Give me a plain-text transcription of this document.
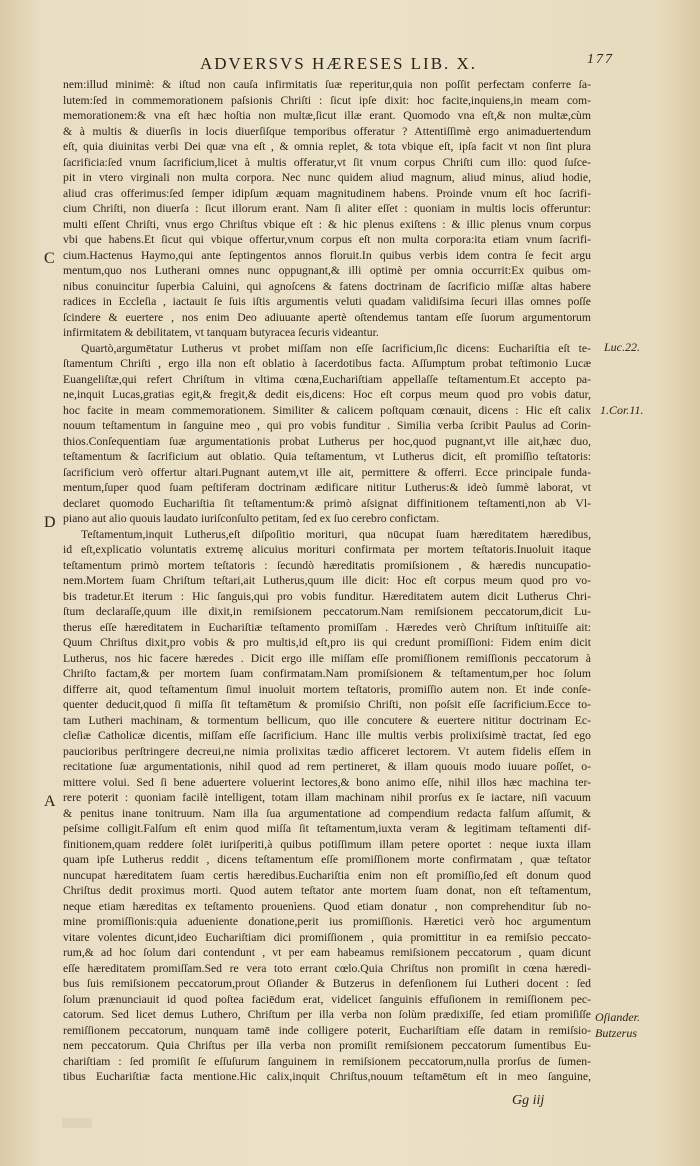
ADVERSVS HÆRESES LIB. X.	177
nem:illud minimè: & iſtud non cauſa infirmitatis ſuæ reperitur,quia non poſſit perfectam conferre ſa-
lutem:ſed in commemorationem paſsionis Chriſti : ſicut ipſe dixit: hoc facite,inquiens,in meam com-
memorationem:& vna eſt hæc hoſtia non multæ,ſicut illæ erant. Quomodo vna eſt,& non multæ,cùm
& à multis & diuerſis in locis diuerſiſque temporibus offeratur ? Attentiſſimè ergo animaduertendum
eſt, quia diuinitas verbi Dei quæ vna eſt , & omnia replet, & tota vbique eſt, ipſa facit vt non ſint plura
ſacrificia:ſed vnum ſacrificium,licet à multis offeratur,vt ſit vnum corpus Chriſti cum illo: quod ſuſce-
pit in vtero virginali non multa corpora. Nec nunc quidem aliud magnum, aliud minus, aliud hodie,
aliud cras offerimus:ſed ſemper idipſum æquam magnitudinem habens. Proinde vnum eſt hoc ſacrifi-
cium Chriſti, non diuerſa : ſicut illorum erant. Nam ſi aliter eſſet : quoniam in multis locis offeruntur:
multi eſſent Chriſti, vnus ergo Chriſtus vbique eſt : & hic plenus exiſtens : & illic plenus vnum corpus
vbi que habens.Et ſicut qui vbique offertur,vnum corpus eſt non multa corpora:ita etiam vnum ſacrifi-
cium.Hactenus Haymo,qui ante ſeptingentos annos floruit.In quibus verbis idem contra ſe fecit argu
mentum,quo nos Lutherani omnes nunc oppugnant,& illi optimè per omnia occurrit:Ex quibus om-
nibus conuincitur ſuperbia Caluini, qui agnoſcens & fatens doctrinam de ſacrificio miſſæ altas habere
radices in Eccleſia , iactauit ſe ſuis iſtis argumentis veluti quadam validiſsima ſecuri illas omnes poſſe
ſcindere & euertere , nos enim Deo adiuuante apertè oſtendemus tantam eſſe ſuorum argumentorum
infirmitatem & debilitatem, vt tanquam butyracea ſecuris videantur.
Quartò,argumētatur Lutherus vt probet miſſam non eſſe ſacrificium,ſic dicens: Euchariſtia eſt te-
ſtamentum Chriſti , ergo illa non eſt oblatio à ſacerdotibus facta. Aſſumptum probat teſtimonio Lucæ
Euangeliſtæ,qui refert Chriſtum in vltima cœna,Euchariſtiam appellaſſe teſtamentum.Et accepto pa-
ne,inquit Lucas,gratias egit,& fregit,& dedit eis,dicens: Hoc eſt corpus meum quod pro vobis datur,
hoc facite in meam commemorationem. Similiter & calicem poſtquam cœnauit, dicens : Hic eſt calix
nouum teſtamentum in ſanguine meo , qui pro vobis funditur . Similia verba ſcribit Paulus ad Corin-
thios.Conſequentiam ſuæ argumentationis probat Lutherus per hoc,quod pugnant,vt ille ait,hæc duo,
teſtamentum & ſacrificium aut oblatio. Quia teſtamentum, vt Lutherus dicit, eſt promiſſio teſtatoris:
ſacrificium verò offertur altari.Pugnant autem,vt ille ait, permittere & offerri. Ecce principale funda-
mentum,ſuper quod ſuam peſtiferam doctrinam ædificare nititur Lutherus:& ideò ſummè laborat, vt
declaret quomodo Euchariſtia ſit teſtamentum:& primò aſsignat diffinitionem teſtamenti,non ab Vl-
piano aut alio quouis laudato iuriſconſulto petitam, ſed ex ſuo cerebro confictam.
Teſtamentum,inquit Lutherus,eſt diſpoſitio morituri, qua nūcupat ſuam hæreditatem hæredibus,
id eſt,explicatio voluntatis extremę alicuius morituri confirmata per mortem teſtatoris.Inuoluit itaque
teſtamentum primò mortem teſtatoris : ſecundò hæreditatis promiſsionem , & hæredis nuncupatio-
nem.Mortem ſuam Chriſtum teſtari,ait Lutherus,quum ille dicit: Hoc eſt corpus meum quod pro vo-
bis tradetur.Et iterum : Hic ſanguis,qui pro vobis funditur. Hæreditatem autem dicit Lutherus Chri-
ſtum declaraſſe,quum ille dixit,in remiſsionem peccatorum.Nam remiſsionem peccatorum,dicit Lu-
therus eſſe hæreditatem in Euchariſtiæ teſtamento promiſſam . Hæredes verò Chriſtum inſtituiſſe ait:
Quum Chriſtus dixit,pro vobis & pro multis,id eſt,pro iis qui credunt promiſſioni: Fidem enim dicit
Lutherus, nos hic facere hæredes . Dicit ergo ille miſſam eſſe promiſſionem remiſſionis peccatorum à
Chriſto factam,& per mortem ſuam confirmatam.Nam promiſsionem & teſtamentum,per hoc ſolum
differre ait, quod teſtamentum ſimul inuoluit mortem teſtatoris, promiſſio autem non. Et inde conſe-
quenter deducit,quod ſi miſſa ſit teſtamētum & promiſsio Chriſti, non poſsit eſſe ſacrificium.Ecce to-
tam Lutheri machinam, & tormentum bellicum, quo ille concutere & euertere nititur doctrinam Ec-
cleſiæ Catholicæ dicentis, miſſam eſſe ſacrificium. Hanc ille multis verbis prolixiſsimè tractat, ſed ego
paucioribus perſtringere decreui,ne nimia prolixitas tædio afficeret lectorem. Vt autem fidelis eſſem in
recitatione ſuæ argumentationis, nihil quod ad rem pertineret, & illam quouis modo iuuare poſſet, o-
mittere volui. Sed ſi bene aduertere voluerint lectores,& bono animo eſſe, nihil illos hæc machina ter-
rere poterit : quoniam facilè intelligent, totam illam machinam nihil prorſus ex ſe iactare, niſi vacuum
& penitus inane tonitruum. Nam illa ſua argumentatione ad compendium redacta falſum aſſumit, &
peſsime colligit.Falſum eſt enim quod miſſa ſit teſtamentum,iuxta veram & legitimam teſtamenti dif-
finitionem,quam reddere ſolēt iuriſperiti,à quibus potiſſimum illam petere oportet : neque iuxta illam
quam ipſe Lutherus reddit , dicens teſtamentum eſſe promiſſionem morte confirmatam , quæ teſtator
nuncupat hæreditatem ſuam certis hæredibus.Euchariſtia enim non eſt promiſſio,ſed eſt donum quod
Chriſtus dedit proximus morti. Quod autem teſtator ante mortem ſuam donat, non eſt teſtamentum,
neque etiam hæreditas ex teſtamento prouenìens. Quod etiam donatur , non comprehenditur ſub no-
mine promiſſionis:quia adueniente donatione,perit ius promiſſionis. Hæretici verò hoc argumentum
vitare volentes dicunt,ideo Euchariſtiam dici promiſſionem , quia promittitur in ea remiſsio peccato-
rum,& ad hoc ſolum dari contendunt , vt per eam habeamus remiſsionem peccatorum , quam dicunt
eſſe hæreditatem promiſſam.Sed re vera toto errant cœlo.Quia Chriſtus non promiſit in cœna hæredi-
bus ſuis remiſsionem peccatorum,prout Oſiander & Butzerus in defenſionem ſui Lutheri docent : ſed
ſolum prænunciauit id quod poſtea faciēdum erat, videlicet ſanguinis effuſionem in remiſſionem pec-
catorum. Sed licet demus Luthero, Chriſtum per illa verba non ſolùm prædixiſſe, ſed etiam promiſiſſe
remiſſionem peccatorum, nunquam tamē inde colligere poterit, Euchariſtiam eſſe datam in remiſsio-
nem peccatorum. Quia Chriſtus per illa verba non promiſit remiſsionem peccatorum ſumentibus Eu-
chariſtiam : ſed promiſit ſe eſſuſurum ſanguinem in remiſsionem peccatorum,nulla prorſus de ſumen-
tibus Euchariſtiæ facta mentione.Hic calix,inquit Chriſtus,nouum teſtamētum eſt in meo ſanguine,
C
D
A
Luc.22.
1.Cor.11.
Oſiander.
Butzerus
Gg iij
